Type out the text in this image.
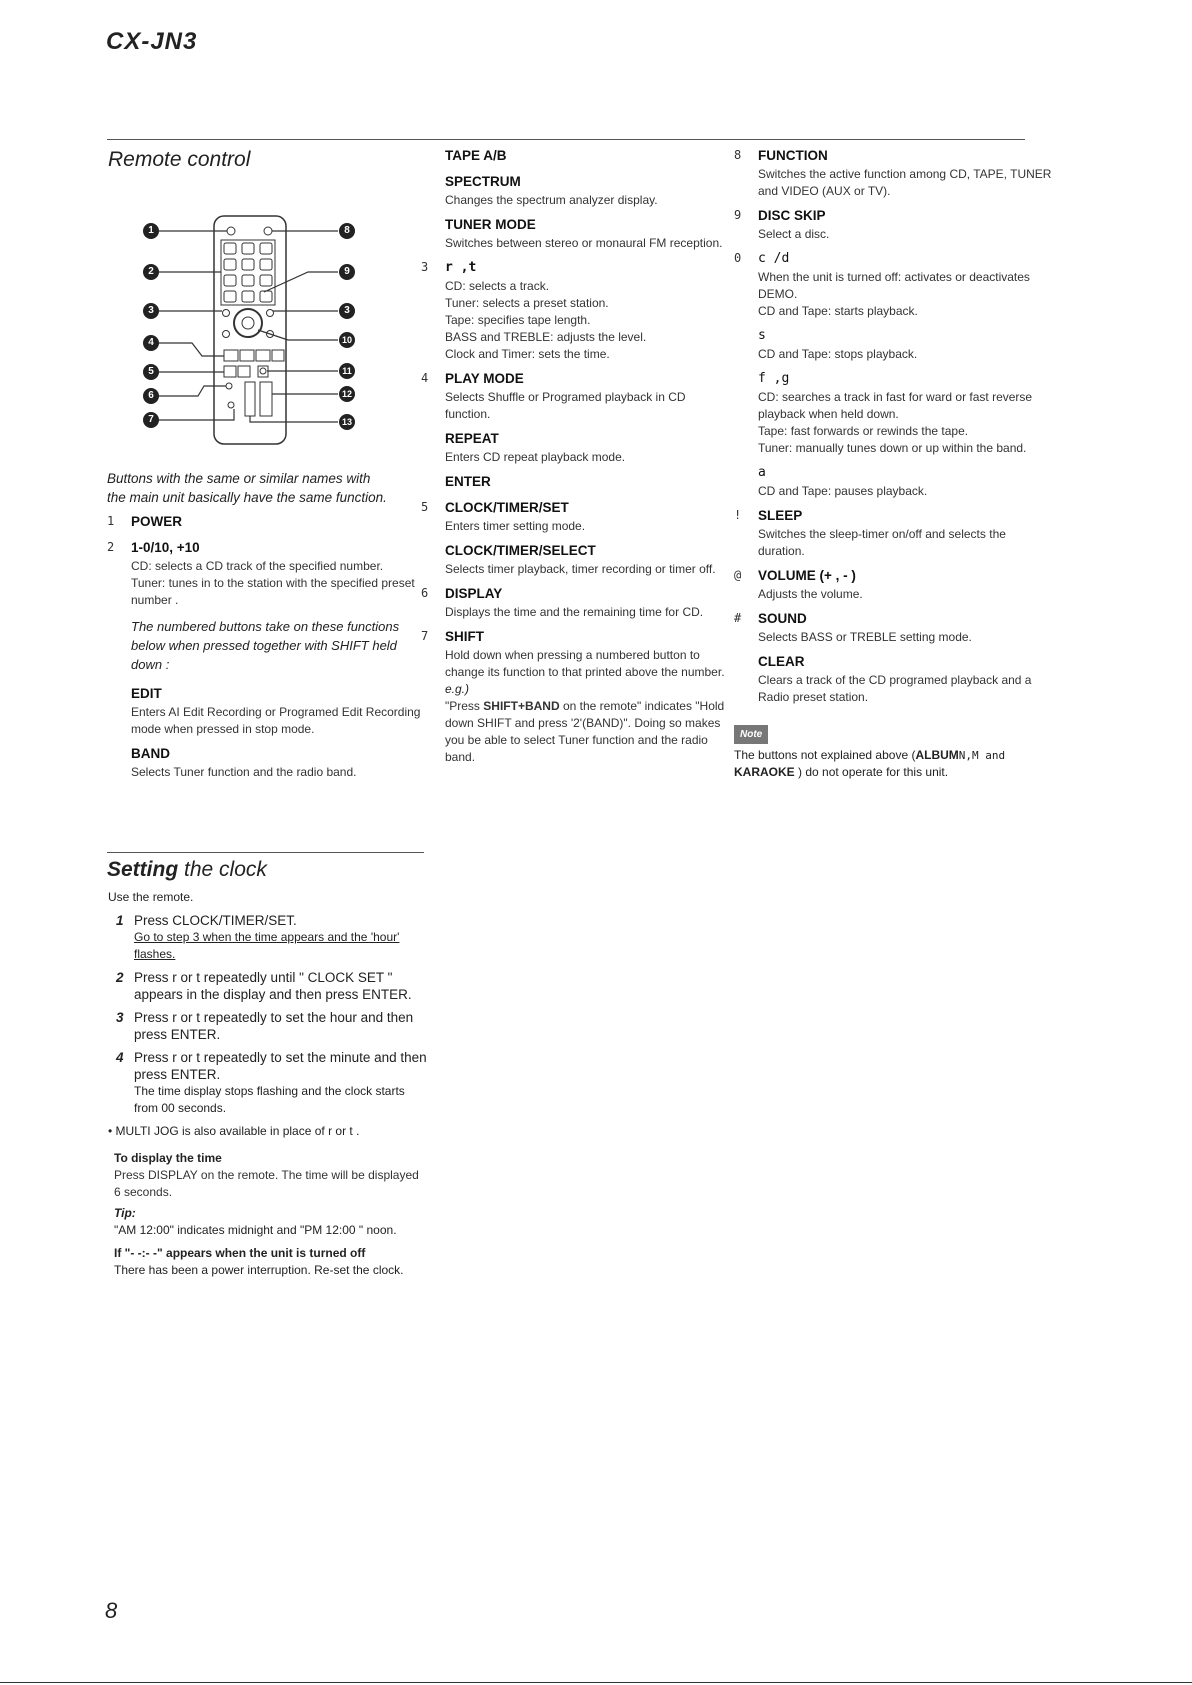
CX-JN3
Remote control
1
2
3
4
5
6
7
8
9
3
10
11
12
13
Buttons with the same or similar names with
the main unit basically have the same function.
1 POWER
2 1-0/10, +10
CD: selects a CD track of the specified number.
Tuner: tunes in to the station with the specified preset number .
The numbered buttons take on these functions
below when pressed together with SHIFT held down :
EDIT
Enters AI Edit Recording or Programed Edit Recording mode when pressed in stop mode.
BAND
Selects Tuner function and the radio band.
TAPE A/B
SPECTRUM
Changes the spectrum analyzer display.
TUNER MODE
Switches between stereo or monaural FM reception.
3 r ,t
CD: selects a track.
Tuner: selects a preset station.
Tape: specifies tape length.
BASS and TREBLE: adjusts the level.
Clock and Timer: sets the time.
4 PLAY MODE
Selects Shuffle or Programed playback in CD function.
REPEAT
Enters CD repeat playback mode.
ENTER
5 CLOCK/TIMER/SET
Enters timer setting mode.
CLOCK/TIMER/SELECT
Selects timer playback, timer recording or timer off.
6 DISPLAY
Displays the time and the remaining time for CD.
7 SHIFT
Hold down when pressing a numbered button to change its function to that printed above the number.
e.g.)
"Press SHIFT+BAND on the remote" indicates "Hold down SHIFT and press '2'(BAND)". Doing so makes you be able to select Tuner function and the radio band.
8 FUNCTION
Switches the active function among CD, TAPE, TUNER and VIDEO (AUX or TV).
9 DISC SKIP
Select a disc.
0 c /d
When the unit is turned off: activates or deactivates DEMO.
CD and Tape: starts playback.
s
CD and Tape: stops playback.
f ,g
CD: searches a track in fast for ward or fast reverse playback when held down.
Tape: fast forwards or rewinds the tape.
Tuner: manually tunes down or up within the band.
a
CD and Tape: pauses playback.
! SLEEP
Switches the sleep-timer on/off and selects the duration.
@ VOLUME (+ , - )
Adjusts the volume.
# SOUND
Selects BASS or TREBLE setting mode.
CLEAR
Clears a track of the CD programed playback and a Radio preset station.
Note
The buttons not explained above (ALBUMN,M and
KARAOKE ) do not operate for this unit.
Setting the clock
Use the remote.
1 Press CLOCK/TIMER/SET.
Go to step 3 when the time appears and the 'hour' flashes.
2 Press r or t repeatedly until " CLOCK SET " appears in the display and then press ENTER.
3 Press r or t repeatedly to set the hour and then press ENTER.
4 Press r or t repeatedly to set the minute and then press ENTER.
The time display stops flashing and the clock starts from 00 seconds.
• MULTI JOG is also available in place of r or t .
To display the time
Press DISPLAY on the remote. The time will be displayed
6 seconds.
Tip:
"AM 12:00" indicates midnight and "PM 12:00 " noon.
If "- -:- -" appears when the unit is turned off
There has been a power interruption. Re-set the clock.
8
